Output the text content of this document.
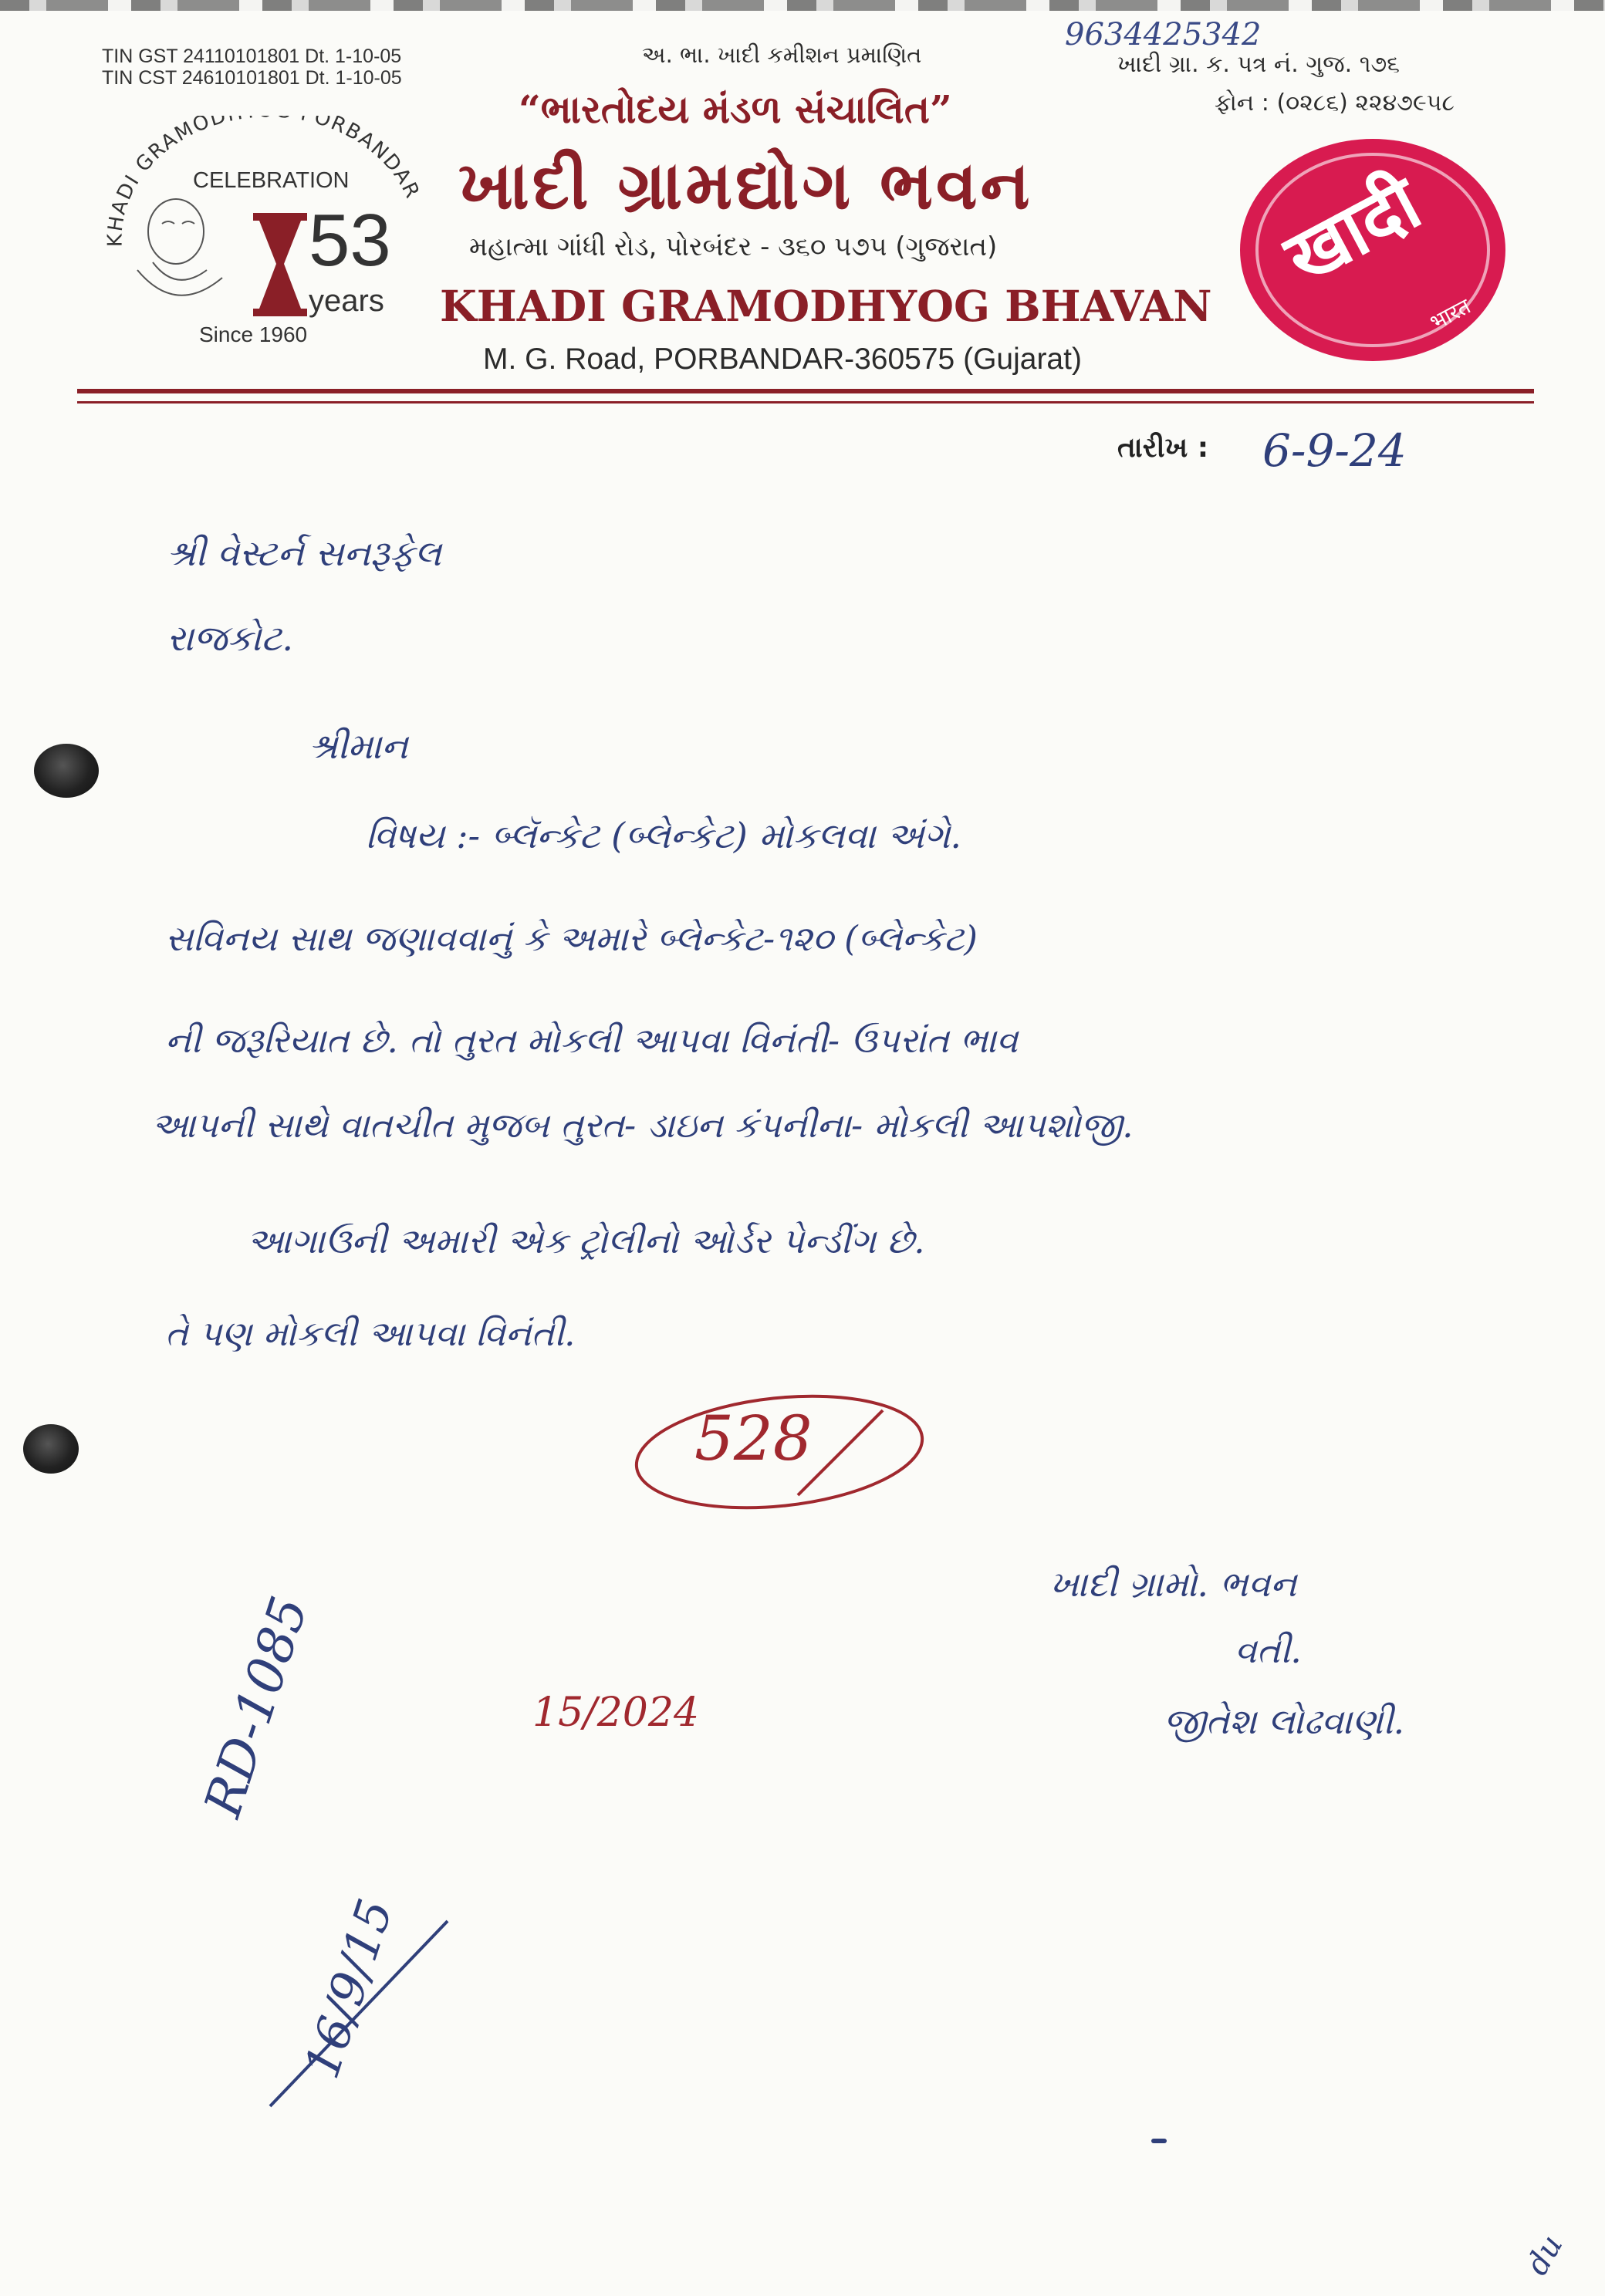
TIN GST 24110101801 Dt. 1-10-05
TIN CST 24610101801 Dt. 1-10-05
અ. ભા. ખાદી કમીશન પ્રમાણિત
“ભારતોદય મંડળ સંચાલિત”
9634425342
ખાદી ગ્રા. ક. પત્ર નં. ગુજ. ૧૭૬
ફોન : (૦૨૮૬) ૨૨૪૭૯૫૮
KHADI GRAMOD ORBANDAR
CELEBRATION
53
years
Since 1960
ખાદી ગ્રામદ્યોગ ભવન
મહાત્મા ગાંધી રોડ, પોરબંદર - ૩૬૦ ૫૭૫ (ગુજરાત)
KHADI GRAMODHYOG BHAVAN
M. G. Road, PORBANDAR-360575 (Gujarat)
खादी
भारत
તારીખ : 6-9-24
શ્રી વેસ્ટર્ન સનરૂફેલ
રાજકોટ.
શ્રીમાન
વિષય :- બ્લૅન્કેટ (બ્લેન્કેટ) મોકલવા અંગે.
સવિનય સાથ જણાવવાનું કે અમારે બ્લેન્કેટ-૧૨૦ (બ્લેન્કેટ)
ની જરૂરિયાત છે. તો તુરત મોકલી આપવા વિનંતી- ઉપરાંત ભાવ
આપની સાથે વાતચીત મુજબ તુરત- ડાઇન કંપનીના- મોકલી આપશોજી.
આગાઉની અમારી એક ટ્રોલીનો ઓર્ડર પેન્ડીંગ છે.
તે પણ મોકલી આપવા વિનંતી.
528
ખાદી ગ્રામો. ભવન
વતી.
જીતેશ લોઢવાણી.
15/2024
RD-1085
16/9/15
du
